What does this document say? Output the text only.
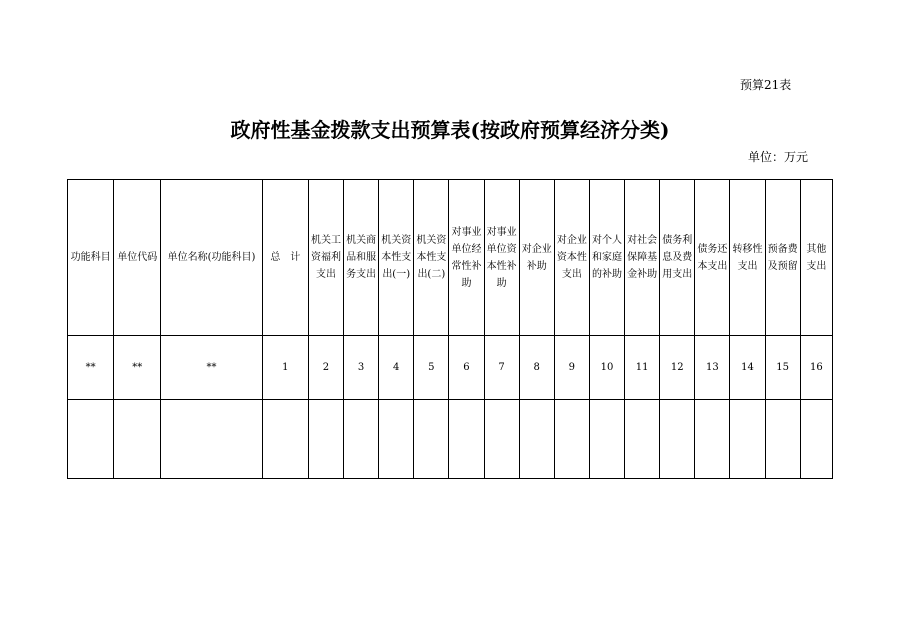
预算21表
政府性基金拨款支出预算表(按政府预算经济分类)
单位：万元
功能科目	单位代码	单位名称(功能科目)	总　计	机关工资福利支出	机关商品和服务支出	机关资本性支出(一)	机关资本性支出(二)	对事业单位经常性补助	对事业单位资本性补助	对企业补助	对企业资本性支出	对个人和家庭的补助	对社会保障基金补助	债务利息及费用支出	债务还本支出	转移性支出	预备费及预留	其他支出

**	**	**	1	2	3	4	5	6	7	8	9	10	11	12	13	14	15	16
